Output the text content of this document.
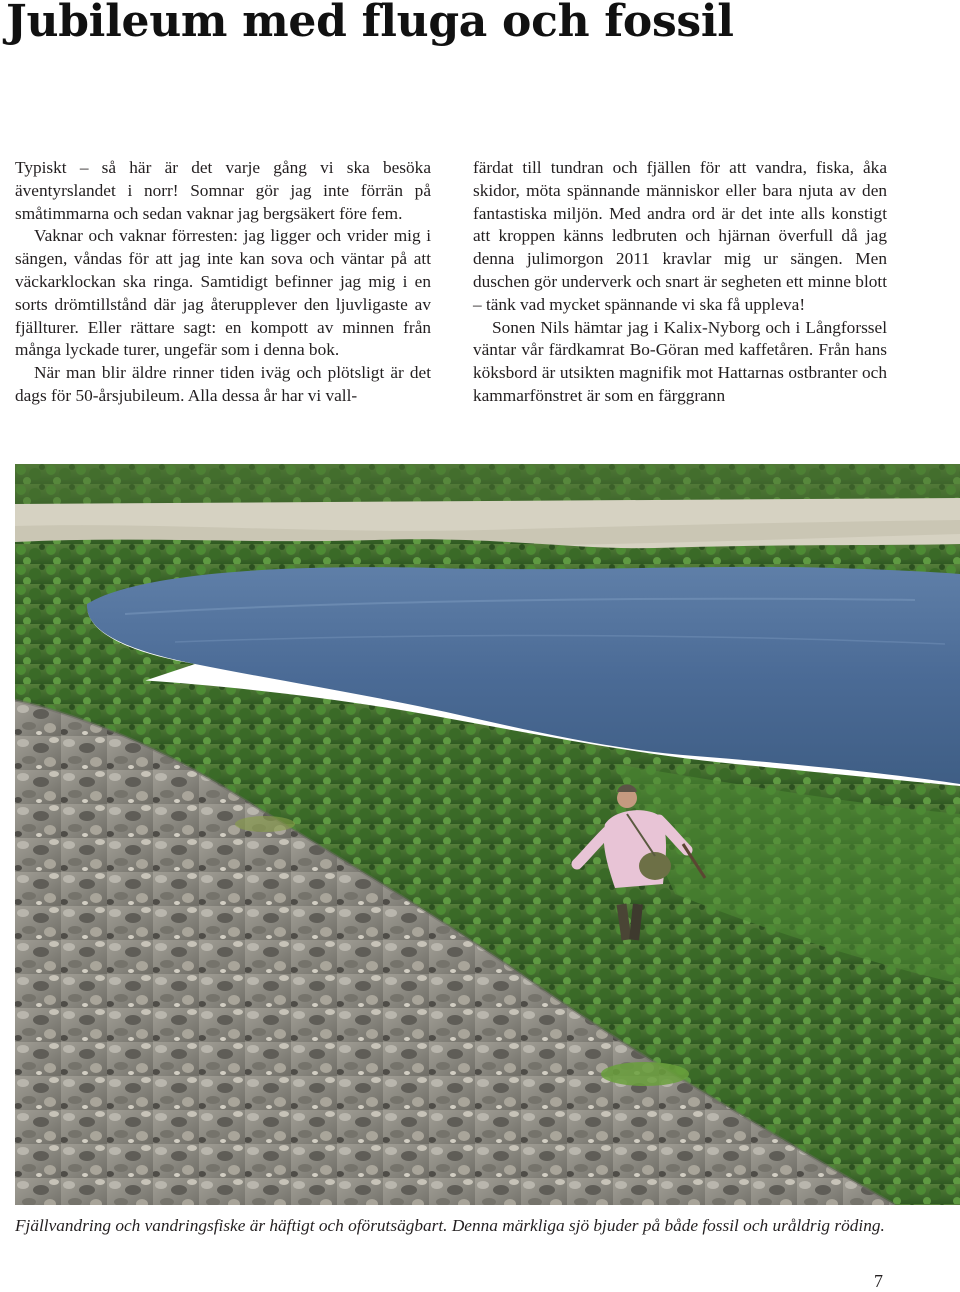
Jubileum med fluga och fossil

Typiskt – så här är det varje gång vi ska besöka äventyrslandet i norr! Somnar gör jag inte förrän på småtimmarna och sedan vaknar jag bergsäkert före fem.

Vaknar och vaknar förresten: jag ligger och vrider mig i sängen, våndas för att jag inte kan sova och väntar på att väckarklockan ska ringa. Samtidigt befinner jag mig i en sorts drömtillstånd där jag återupplever den ljuvligaste av fjällturer. Eller rättare sagt: en kompott av minnen från många lyckade turer, ungefär som i denna bok.

När man blir äldre rinner tiden iväg och plötsligt är det dags för 50-årsjubileum. Alla dessa år har vi vall-

färdat till tundran och fjällen för att vandra, fiska, åka skidor, möta spännande människor eller bara njuta av den fantastiska miljön. Med andra ord är det inte alls konstigt att kroppen känns ledbruten och hjärnan överfull då jag denna julimorgon 2011 kravlar mig ur sängen. Men duschen gör underverk och snart är segheten ett minne blott – tänk vad mycket spännande vi ska få uppleva!

Sonen Nils hämtar jag i Kalix-Nyborg och i Långforssel väntar vår färdkamrat Bo-Göran med kaffetåren. Från hans köksbord är utsikten magnifik mot Hattarnas ostbranter och kammarfönstret är som en färggrann

Fjällvandring och vandringsfiske är häftigt och oförutsägbart. Denna märkliga sjö bjuder på både fossil och uråldrig röding.

7
